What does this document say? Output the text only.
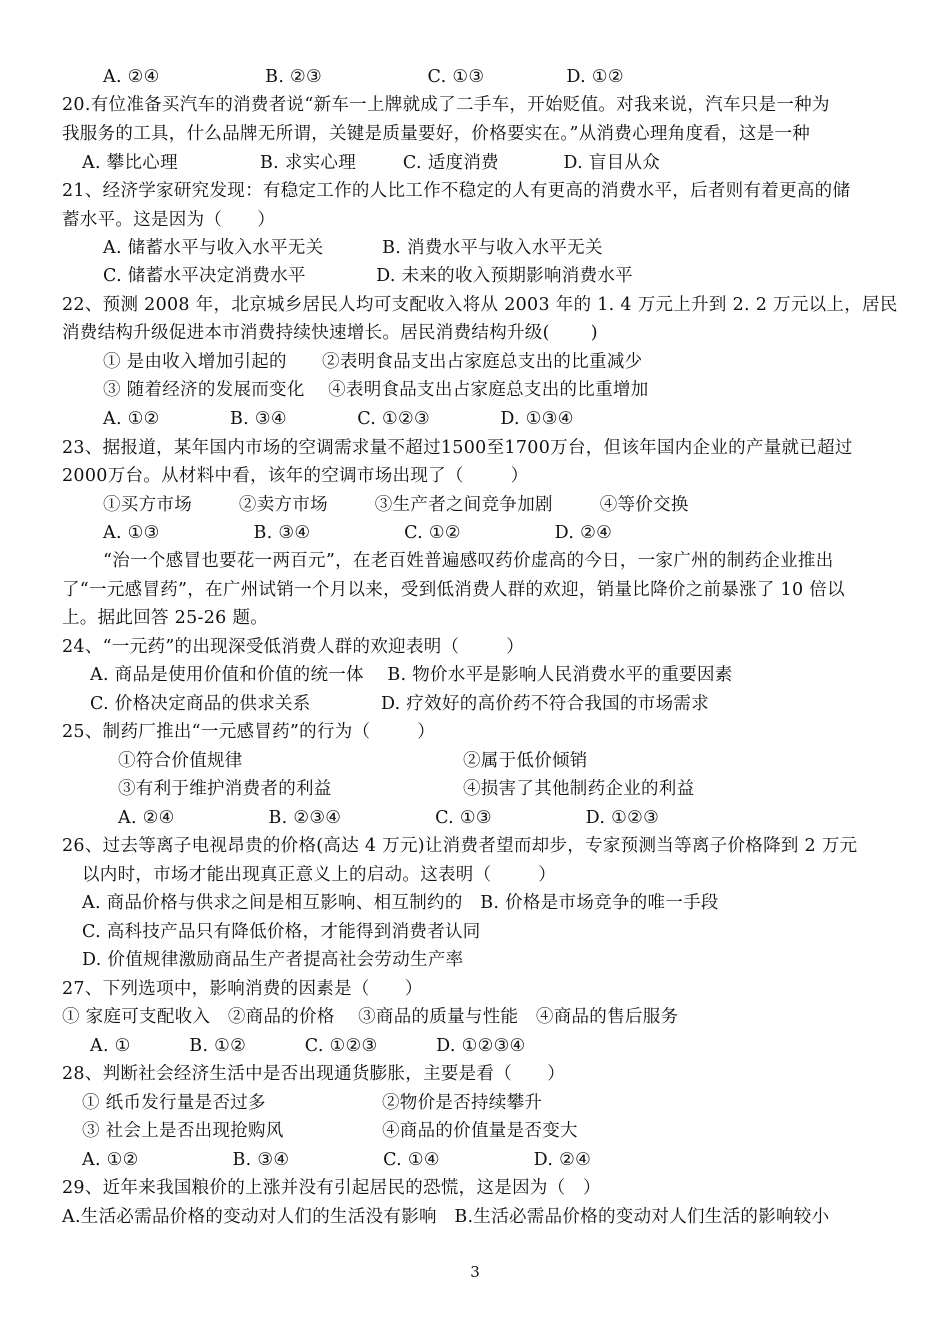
A. ②④                  B. ②③                  C. ①③              D. ①②
20.有位准备买汽车的消费者说“新车一上牌就成了二手车，开始贬值。对我来说，汽车只是一种为
我服务的工具，什么品牌无所谓，关键是质量要好，价格要实在。”从消费心理角度看，这是一种
A. 攀比心理              B. 求实心理        C. 适度消费           D. 盲目从众
21、经济学家研究发现：有稳定工作的人比工作不稳定的人有更高的消费水平，后者则有着更高的储
蓄水平。这是因为（      ）
A. 储蓄水平与收入水平无关          B. 消费水平与收入水平无关
C. 储蓄水平决定消费水平            D. 未来的收入预期影响消费水平
22、预测 2008 年，北京城乡居民人均可支配收入将从 2003 年的 1. 4 万元上升到 2. 2 万元以上，居民
消费结构升级促进本市消费持续快速增长。居民消费结构升级(       )
① 是由收入增加引起的      ②表明食品支出占家庭总支出的比重减少
③ 随着经济的发展而变化    ④表明食品支出占家庭总支出的比重增加
A. ①②            B. ③④            C. ①②③            D. ①③④
23、据报道，某年国内市场的空调需求量不超过1500至1700万台，但该年国内企业的产量就已超过
2000万台。从材料中看，该年的空调市场出现了（        ）
①买方市场        ②卖方市场        ③生产者之间竞争加剧        ④等价交换
A. ①③                B. ③④                C. ①②                D. ②④
“治一个感冒也要花一两百元”，在老百姓普遍感叹药价虚高的今日，一家广州的制药企业推出
了“一元感冒药”，在广州试销一个月以来，受到低消费人群的欢迎，销量比降价之前暴涨了 10 倍以
上。据此回答 25-26 题。
24、“一元药”的出现深受低消费人群的欢迎表明（        ）
A. 商品是使用价值和价值的统一体    B. 物价水平是影响人民消费水平的重要因素
C. 价格决定商品的供求关系            D. 疗效好的高价药不符合我国的市场需求
25、制药厂推出“一元感冒药”的行为（        ）
①符合价值规律	②属于低价倾销
③有利于维护消费者的利益	④损害了其他制药企业的利益
A. ②④                B. ②③④                C. ①③                D. ①②③
26、过去等离子电视昂贵的价格(高达 4 万元)让消费者望而却步，专家预测当等离子价格降到 2 万元
以内时，市场才能出现真正意义上的启动。这表明（        ）
A. 商品价格与供求之间是相互影响、相互制约的   B. 价格是市场竞争的唯一手段
C. 高科技产品只有降低价格，才能得到消费者认同
D. 价值规律激励商品生产者提高社会劳动生产率
27、下列选项中，影响消费的因素是（      ）
① 家庭可支配收入   ②商品的价格    ③商品的质量与性能   ④商品的售后服务
A. ①          B. ①②          C. ①②③          D. ①②③④
28、判断社会经济生活中是否出现通货膨胀，主要是看（      ）
① 纸币发行量是否过多	②物价是否持续攀升
③ 社会上是否出现抢购风	④商品的价值量是否变大
A. ①②                B. ③④                C. ①④                D. ②④
29、近年来我国粮价的上涨并没有引起居民的恐慌，这是因为（   ）
A.生活必需品价格的变动对人们的生活没有影响   B.生活必需品价格的变动对人们生活的影响较小
3
